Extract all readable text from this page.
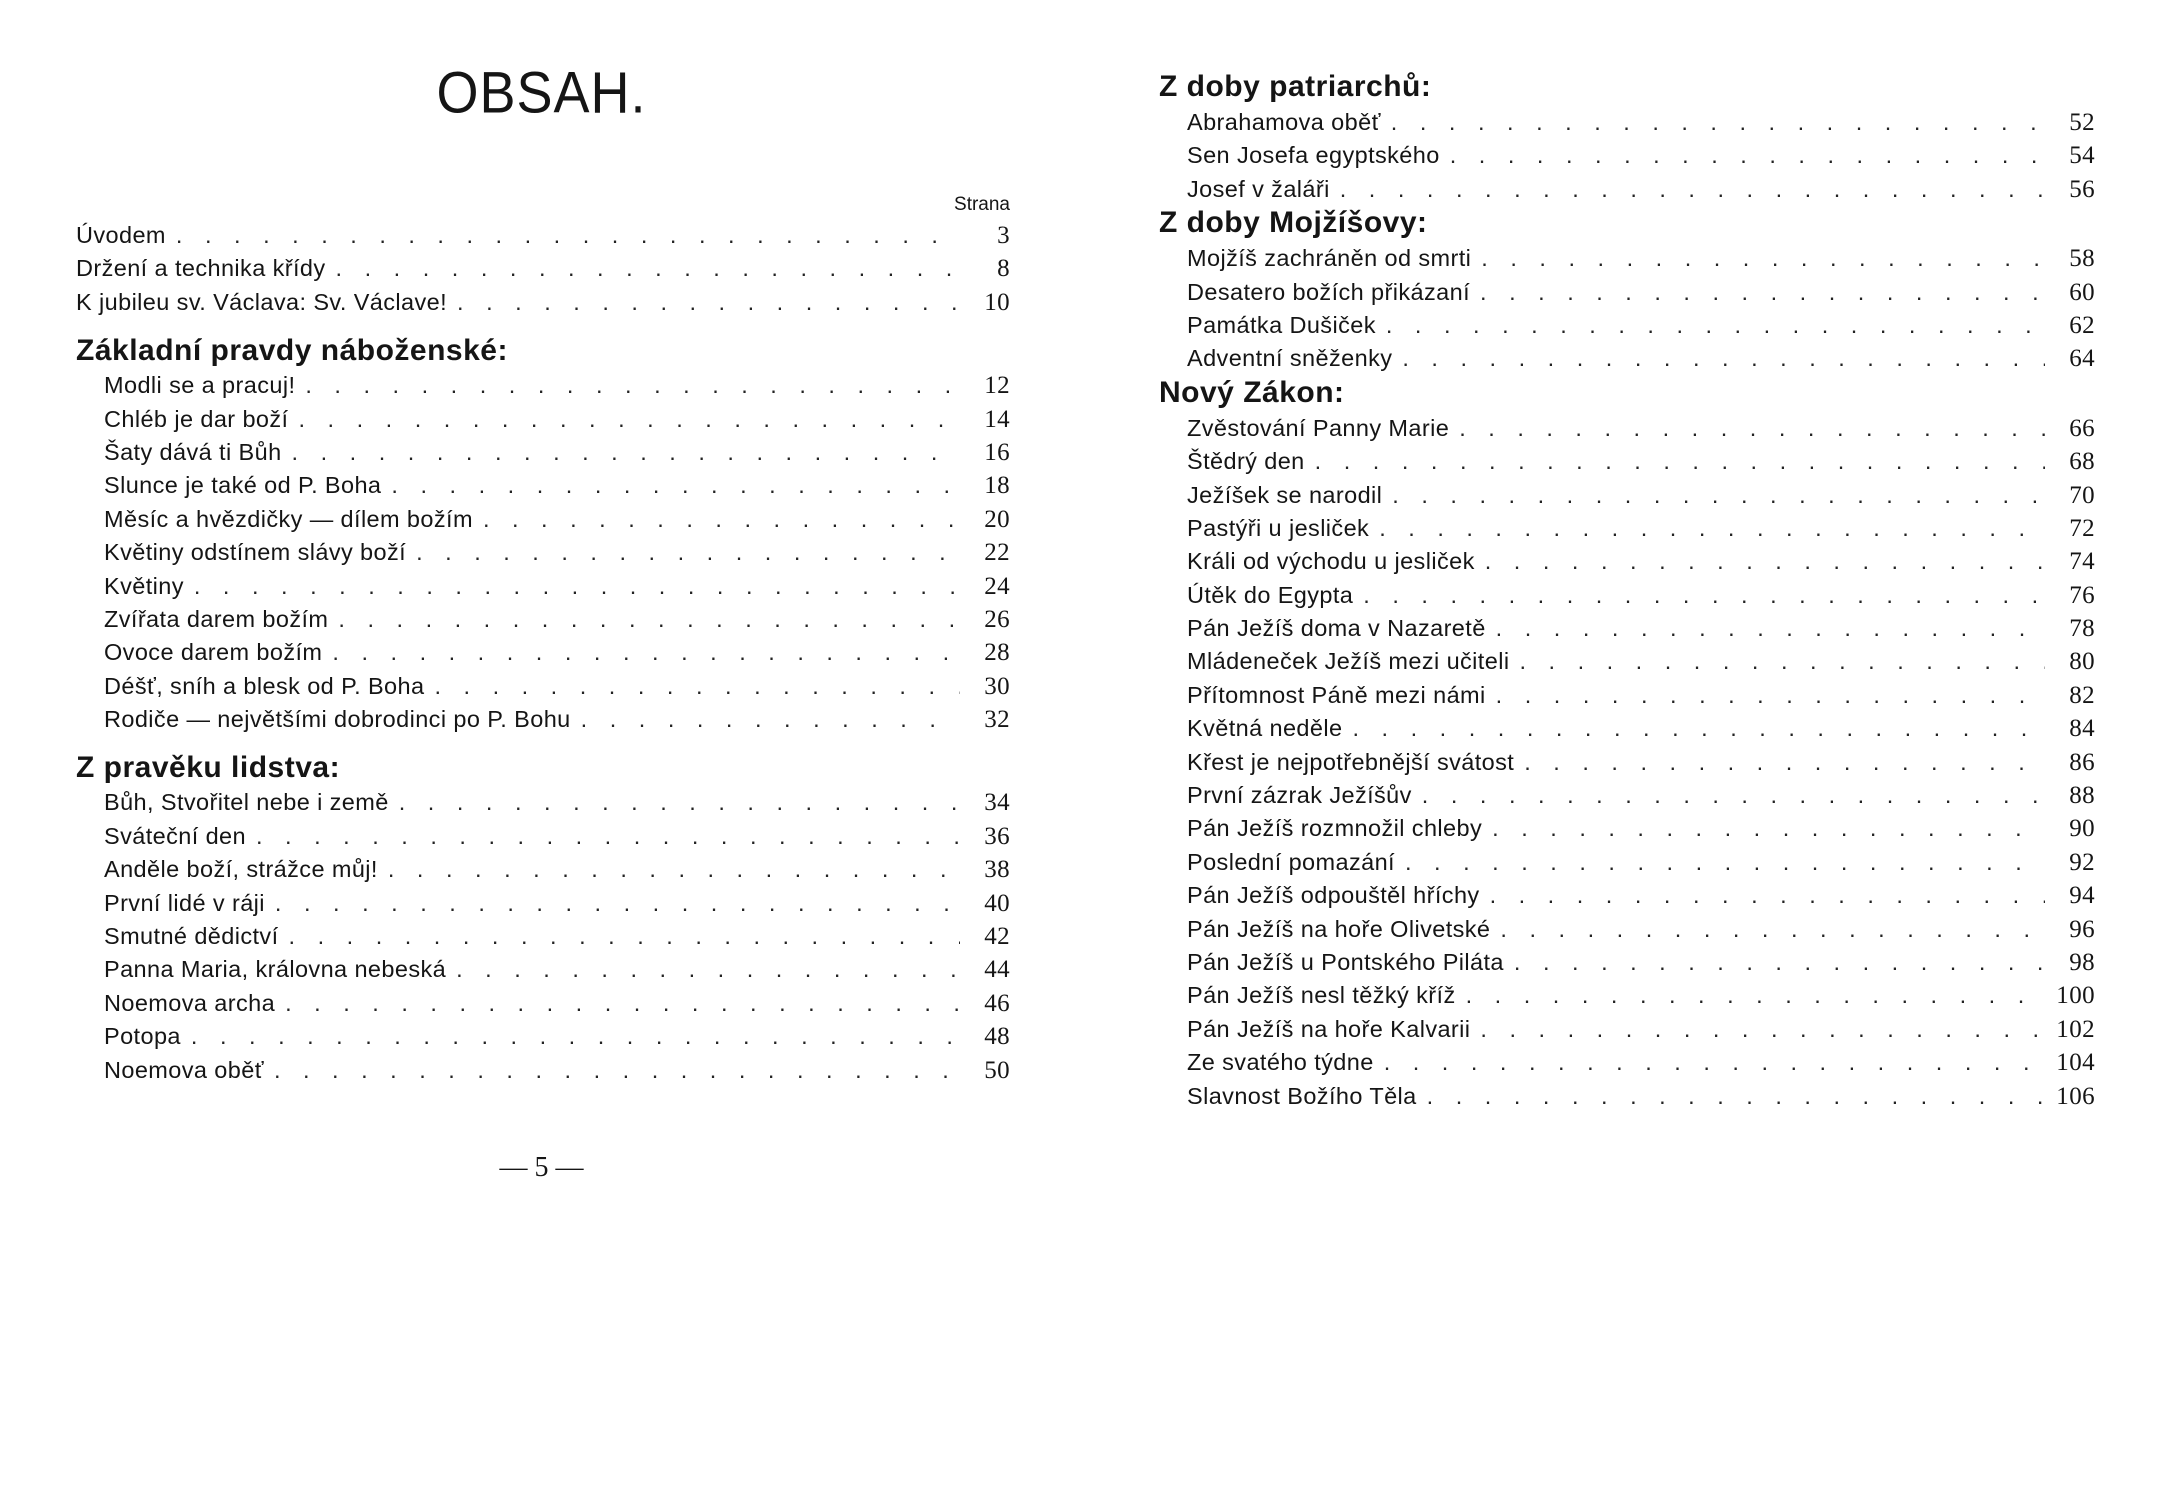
OBSAH.
Strana
Úvodem . . .	3
Držení a technika křídy . . .	8
K jubileu sv. Václava: Sv. Václave! . . .	10
Základní pravdy náboženské:
Modli se a pracuj! . . .	12
Chléb je dar boží . . .	14
Šaty dává ti Bůh . . .	16
Slunce je také od P. Boha . . .	18
Měsíc a hvězdičky — dílem božím . . .	20
Květiny odstínem slávy boží . . .	22
Květiny . . .	24
Zvířata darem božím . . .	26
Ovoce darem božím . . .	28
Déšť, sníh a blesk od P. Boha . . .	30
Rodiče — největšími dobrodinci po P. Bohu . . .	32
Z pravěku lidstva:
Bůh, Stvořitel nebe i země . . .	34
Sváteční den . . .	36
Anděle boží, strážce můj! . . .	38
První lidé v ráji . . .	40
Smutné dědictví . . .	42
Panna Maria, královna nebeská . . .	44
Noemova archa . . .	46
Potopa . . .	48
Noemova oběť . . .	50
— 5 —
Z doby patriarchů:
Abrahamova oběť . . .	52
Sen Josefa egyptského . . .	54
Josef v žaláři . . .	56
Z doby Mojžíšovy:
Mojžíš zachráněn od smrti . . .	58
Desatero božích přikázaní . . .	60
Památka Dušiček . . .	62
Adventní sněženky . . .	64
Nový Zákon:
Zvěstování Panny Marie . . .	66
Štědrý den . . .	68
Ježíšek se narodil . . .	70
Pastýři u jesliček . . .	72
Králi od východu u jesliček . . .	74
Útěk do Egypta . . .	76
Pán Ježíš doma v Nazaretě . . .	78
Mládeneček Ježíš mezi učiteli . . .	80
Přítomnost Páně mezi námi . . .	82
Květná neděle . . .	84
Křest je nejpotřebnější svátost . . .	86
První zázrak Ježíšův . . .	88
Pán Ježíš rozmnožil chleby . . .	90
Poslední pomazání . . .	92
Pán Ježíš odpouštěl hříchy . . .	94
Pán Ježíš na hoře Olivetské . . .	96
Pán Ježíš u Pontského Piláta . . .	98
Pán Ježíš nesl těžký kříž . . .	100
Pán Ježíš na hoře Kalvarii . . .	102
Ze svatého týdne . . .	104
Slavnost Božího Těla . . .	106
